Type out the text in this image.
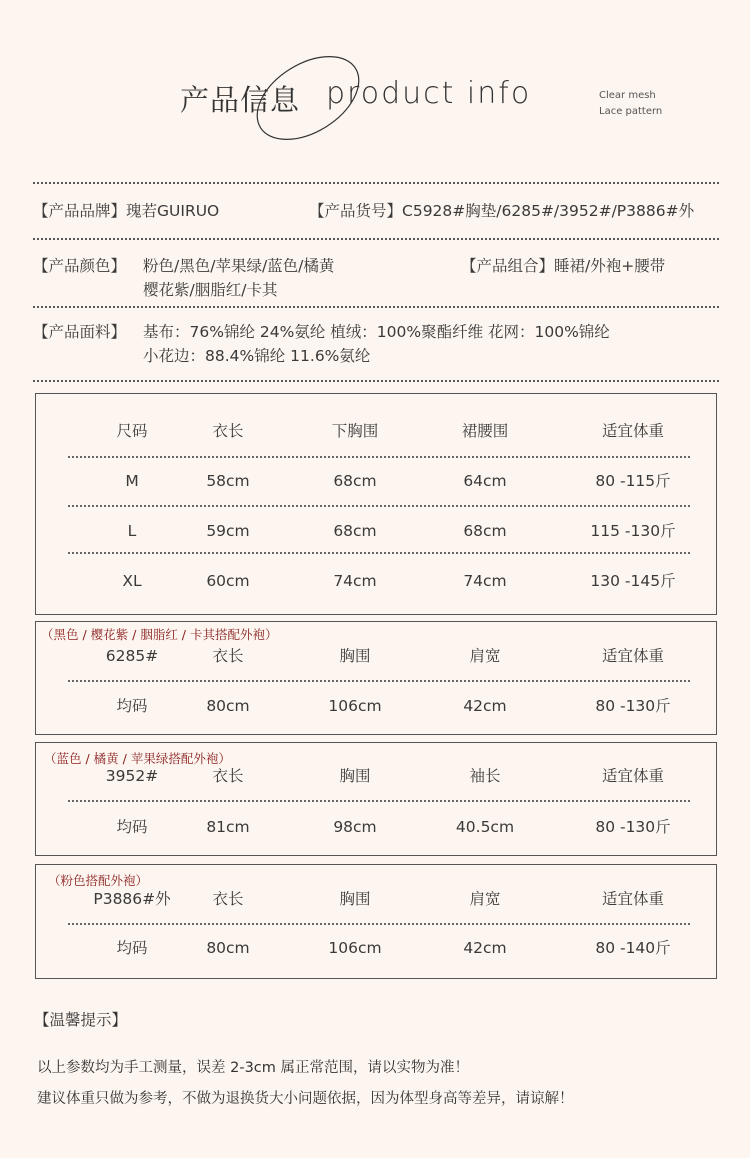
产品信息 product info	Clear mesh
Lace pattern
【产品品牌】瑰若GUIRUO	【产品货号】C5928#胸垫/6285#/3952#/P3886#外
【产品颜色】 粉色/黑色/苹果绿/蓝色/橘黄
樱花紫/胭脂红/卡其
【产品组合】睡裙/外袍+腰带
【产品面料】 基布：76%锦纶 24%氨纶 植绒：100%聚酯纤维 花网：100%锦纶
小花边：88.4%锦纶 11.6%氨纶
尺码	衣长	下胸围	裙腰围	适宜体重
M	58cm	68cm	64cm	80 -115斤
L	59cm	68cm	68cm	115 -130斤
XL	60cm	74cm	74cm	130 -145斤
（黑色 / 樱花紫 / 胭脂红 / 卡其搭配外袍）
6285#	衣长	胸围	肩宽	适宜体重
均码	80cm	106cm	42cm	80 -130斤
（蓝色 / 橘黄 / 苹果绿搭配外袍）
3952#	衣长	胸围	袖长	适宜体重
均码	81cm	98cm	40.5cm	80 -130斤
（粉色搭配外袍）
P3886#外	衣长	胸围	肩宽	适宜体重
均码	80cm	106cm	42cm	80 -140斤
【温馨提示】
以上参数均为手工测量，误差 2-3cm 属正常范围，请以实物为准！
建议体重只做为参考，不做为退换货大小问题依据，因为体型身高等差异，请谅解！
